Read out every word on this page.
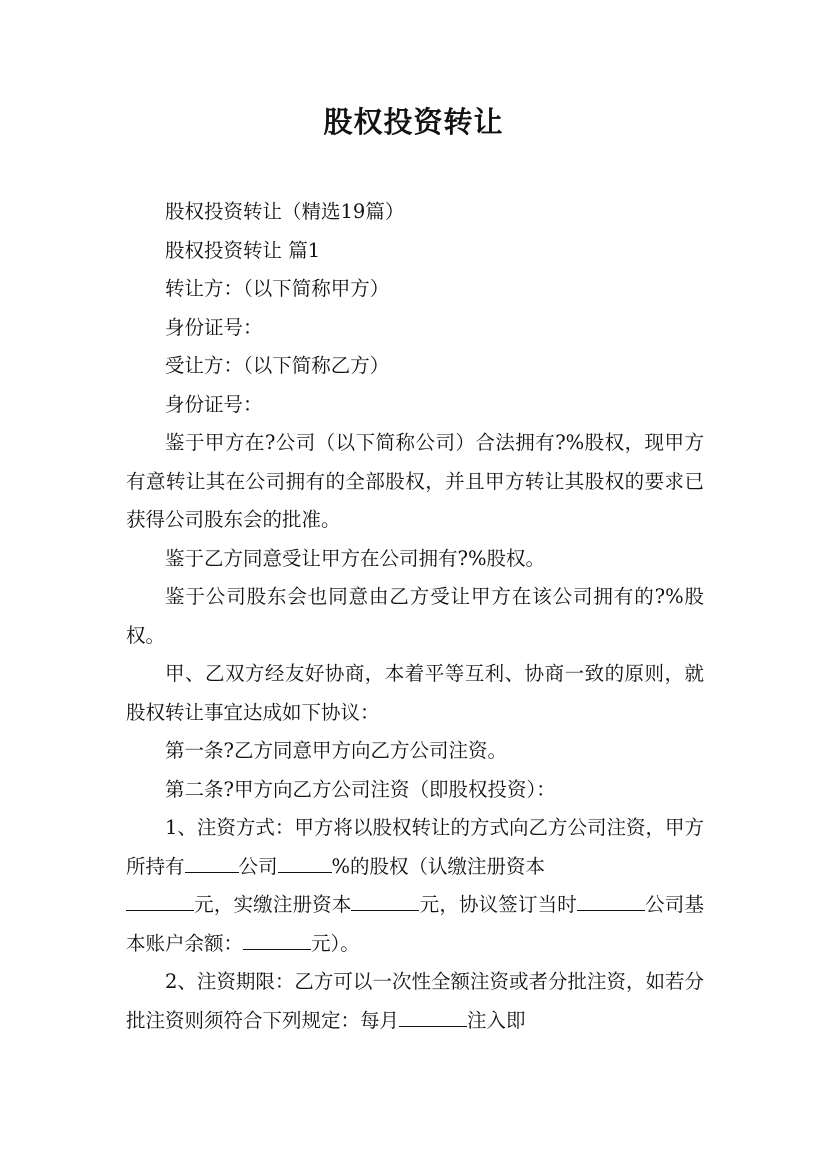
股权投资转让

股权投资转让（精选19篇）

股权投资转让 篇1

转让方：（以下简称甲方）

身份证号：

受让方：（以下简称乙方）

身份证号：

鉴于甲方在?公司（以下简称公司）合法拥有?%股权，现甲方有意转让其在公司拥有的全部股权，并且甲方转让其股权的要求已获得公司股东会的批准。

鉴于乙方同意受让甲方在公司拥有?%股权。

鉴于公司股东会也同意由乙方受让甲方在该公司拥有的?%股权。

甲、乙双方经友好协商，本着平等互利、协商一致的原则，就股权转让事宜达成如下协议：

第一条?乙方同意甲方向乙方公司注资。

第二条?甲方向乙方公司注资（即股权投资）：

1、注资方式：甲方将以股权转让的方式向乙方公司注资，甲方所持有	公司	%的股权（认缴注册资本
元，实缴注册资本	元，协议签订当时	公司基本账户余额：	元）。

2、注资期限：乙方可以一次性全额注资或者分批注资，如若分批注资则须符合下列规定：每月	注入即
